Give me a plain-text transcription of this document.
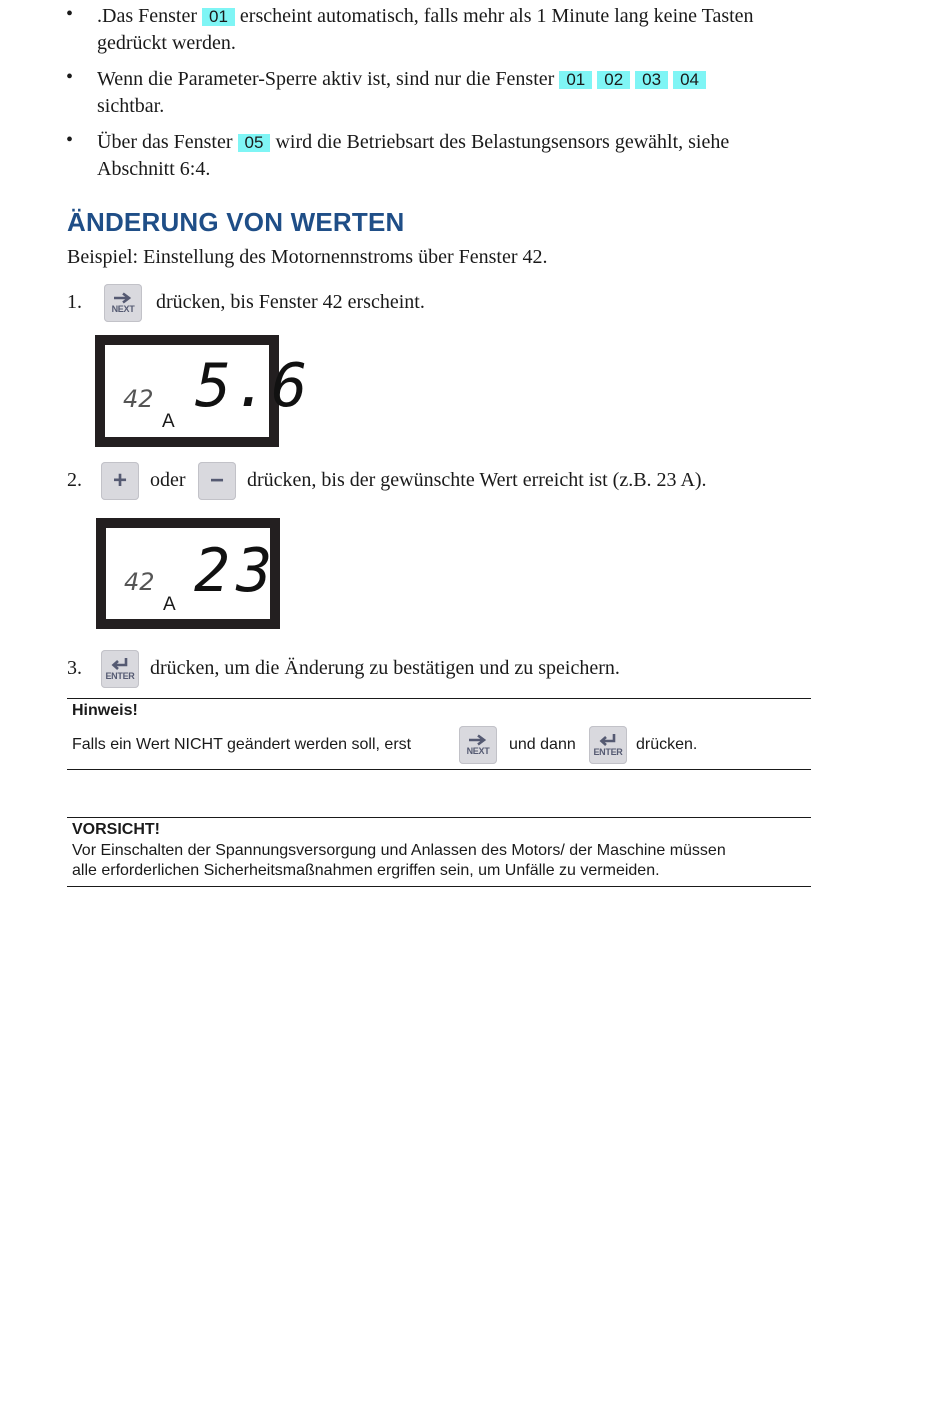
• .Das Fenster 01 erscheint automatisch, falls mehr als 1 Minute lang keine Tasten
gedrückt werden.
• Wenn die Parameter-Sperre aktiv ist, sind nur die Fenster 01 02 03 04
sichtbar.
• Über das Fenster 05 wird die Betriebsart des Belastungsensors gewählt, siehe
Abschnitt 6:4.
ÄNDERUNG VON WERTEN
Beispiel: Einstellung des Motornennstroms über Fenster 42.
1.	NEXT drücken, bis Fenster 42 erscheint.
42
A
5.6
2. + oder − drücken, bis der gewünschte Wert erreicht ist (z.B. 23 A).
42
A 23
3.	ENTER drücken, um die Änderung zu bestätigen und zu speichern.
Hinweis!
Falls ein Wert NICHT geändert werden soll, erst	NEXT und dann ENTER drücken.
VORSICHT!
Vor Einschalten der Spannungsversorgung und Anlassen des Motors/ der Maschine müssen
alle erforderlichen Sicherheitsmaßnahmen ergriffen sein, um Unfälle zu vermeiden.
